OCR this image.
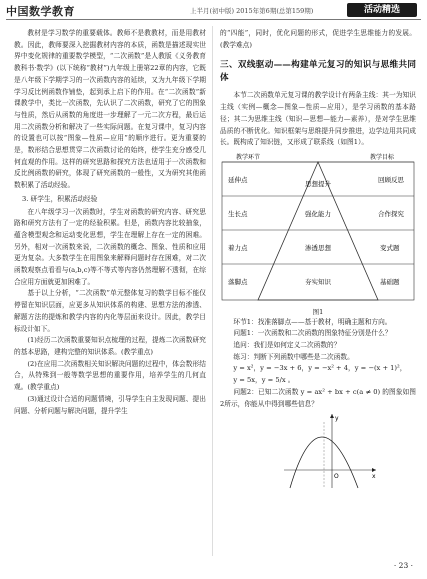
中国数学教育	上半月(初中版) 2015年第6期(总第159期)	活动精选

教材是学习数学的重要载体。教师不是教教材，而是用教材教。因此，教师要深入挖掘教材内容的本质，函数是描述现实世界中变化规律的重要数学模型，“二次函数”是人教版《义务教育教科书·数学》(以下统称“教材”)九年级上册第22章的内容，它既是八年级下学期学习的一次函数内容的延续，又为九年级下学期学习反比例函数作铺垫，起到承上启下的作用。在“二次函数”新课教学中，类比一次函数，先认识了二次函数，研究了它的图象与性质，然后从函数的角度进一步理解了一元二次方程，最后运用二次函数分析和解决了一些实际问题。在复习课中，复习内容的设置也可以按“图象—性质—应用”的顺序进行。更为重要的是，数形结合思想贯穿二次函数讨论的始终，使学生充分感受几何直观的作用。这样的研究思路和探究方法也适用于一次函数和反比例函数的研究，体现了研究函数的一般性，又为研究其他函数积累了活动经验。

3. 研学生，积累活动经验

在八年级学习一次函数时，学生对函数的研究内容、研究思路和研究方法有了一定的经验积累。但是，函数内容比较抽象，蕴含模型观念和运动变化思想，学生在理解上存在一定的困难。另外，相对一次函数来说，二次函数的概念、图象、性质和应用更为复杂。大多数学生在用图象来解释问题时存在困难，对二次函数观察点看看与(a,b,c)等不等式等内容仍然理解不透彻，在综合应用方面就更加困难了。

基于以上分析，“二次函数”单元整体复习的数学目标不能仅停留在知识层面，应更多从知识体系的构建、思想方法的渗透、解题方法的提炼和教学内容的内化等层面来设计。因此，教学目标设计如下。

(1)经历二次函数重要知识点梳理的过程，提炼二次函数研究的基本思路，建构完整的知识体系。(教学重点)

(2)在应用二次函数相关知识解决问题的过程中，体会数形结合，从特殊到一般等数学思想的重要作用，培养学生的几何直观。(教学重点)

(3)通过设计合适的问题情境，引导学生自主发现问题、提出问题、分析问题与解决问题，提升学生

的“四能”，同时，优化问题的形式，促进学生思维能力的发展。(教学难点)

三、双线驱动——构建单元复习的知识与思维共同体

本节二次函数单元复习课的教学设计有两条主线：其一为知识主线（实例—概念—图象—性质—应用），是学习函数的基本路径；其二为思维主线（知识—思想—能力—素养），是对学生思维品质的不断优化。知识框架与思维提升同步推进，边学边用共同成长。既构成了知识链，又形成了联系线（如图1）。

教学环节	教学目标
延伸点
生长点
着力点
落脚点
思想提升
强化能力
渗透思想
夯实知识
回顾反思
合作探究
变式题
基础题
图1

环节1：找准落脚点——基于教材，明确主题和方向。

问题1：一次函数和二次函数的图象特征分别是什么？

追问：我们是如何定义二次函数的？

练习：判断下列函数中哪些是二次函数。

y = x²，y = −3x + 6，y = −x² + 4，y = −(x + 1)²，

y = 5x，y = 5/x 。

问题2：已知二次函数 y = ax² + bx + c(a ≠ 0) 的图象如图2所示，你能从中得到哪些信息？

x
y
O
· 23 ·
